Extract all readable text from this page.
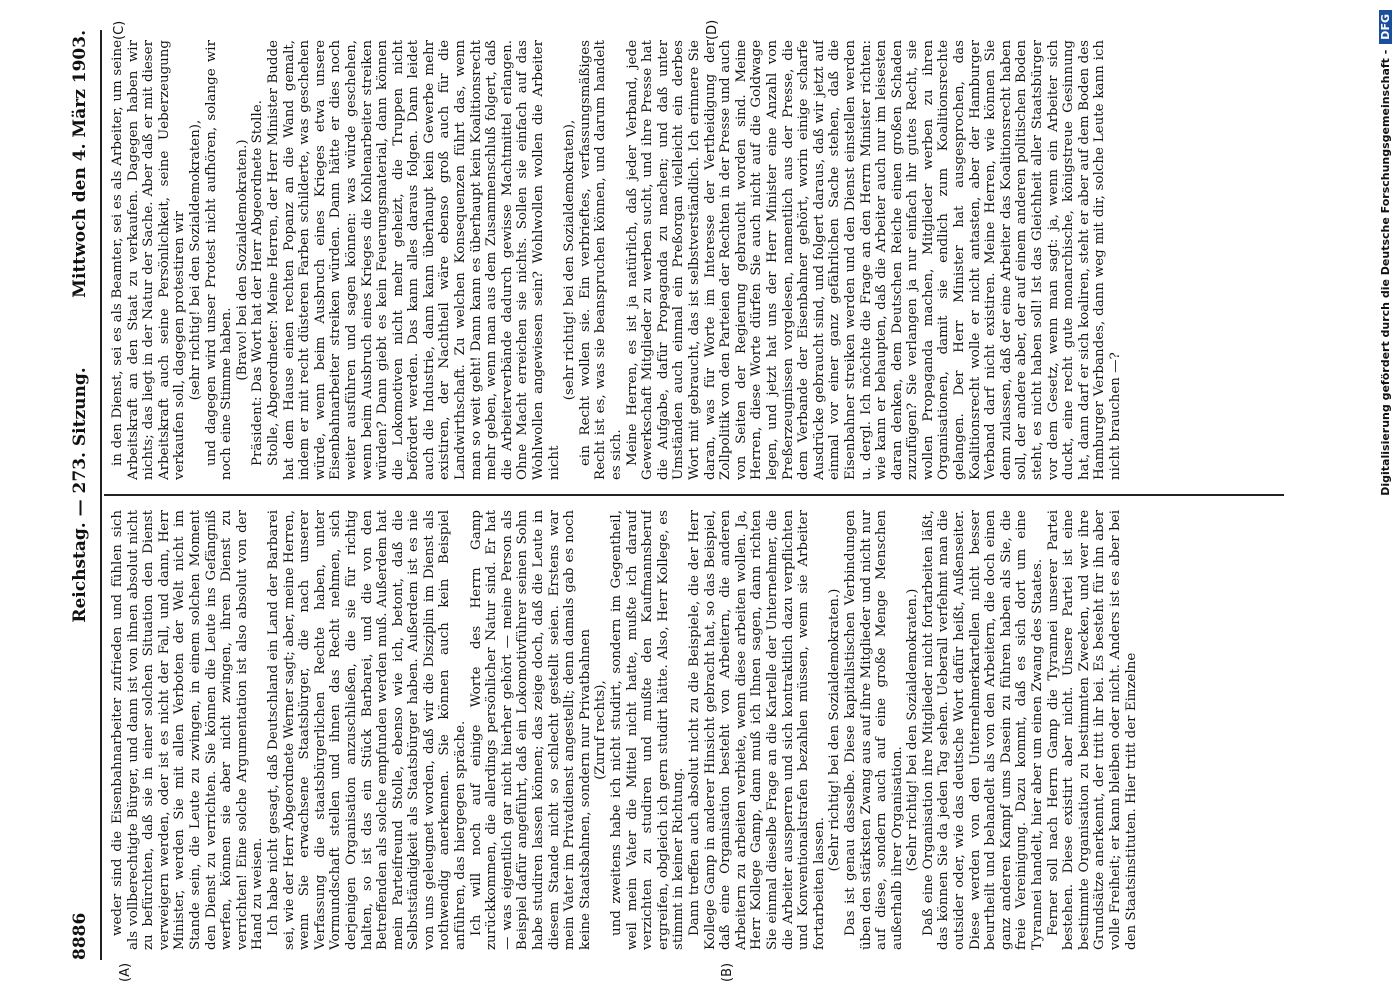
8886
Reichstag. — 273. Sitzung.
Mittwoch den 4. März 1903.
(A)	(B)
(C)	(D)

weder sind die Eisenbahnarbeiter zufrieden und fühlen sich als vollberechtigte Bürger, und dann ist von ihnen absolut nicht zu befürchten, daß sie in einer solchen Situation den Dienst verweigern werden, oder ist es nicht der Fall, und dann, Herr Minister, werden Sie mit allen Verboten der Welt nicht im Stande sein, die Leute zu zwingen, in einem solchen Moment den Dienst zu verrichten. Sie können die Leute ins Gefängniß werfen, können sie aber nicht zwingen, ihren Dienst zu verrichten! Eine solche Argumentation ist also absolut von der Hand zu weisen. Ich habe nicht gesagt, daß Deutschland ein Land der Barbarei sei, wie der Herr Abgeordnete Werner sagt; aber, meine Herren, wenn Sie erwachsene Staatsbürger, die nach unserer Verfassung die staatsbürgerlichen Rechte haben, unter Vormundschaft stellen und ihnen das Recht nehmen, sich derjenigen Organisation anzuschließen, die sie für richtig halten, so ist das ein Stück Barbarei, und die von den Betreffenden als solche empfunden werden muß. Außerdem hat mein Parteifreund Stolle, ebenso wie ich, betont, daß die Selbstständigkeit als Staatsbürger haben. Außerdem ist es nie von uns geleugnet worden, daß wir die Disziplin im Dienst als nothwendig anerkennen. Sie können auch kein Beispiel anführen, das hiergegen spräche. Ich will noch auf einige Worte des Herrn Gamp zurückkommen, die allerdings persönlicher Natur sind. Er hat — was eigentlich gar nicht hierher gehört — meine Person als Beispiel dafür angeführt, daß ein Lokomotivführer seinen Sohn habe studiren lassen können; das zeige doch, daß die Leute in diesem Stande nicht so schlecht gestellt seien. Erstens war mein Vater im Privatdienst angestellt; denn damals gab es noch keine Staatsbahnen, sondern nur Privatbahnen (Zuruf rechts), und zweitens habe ich nicht studirt, sondern im Gegentheil, weil mein Vater die Mittel nicht hatte, mußte ich darauf verzichten zu studiren und mußte den Kaufmannsberuf ergreifen, obgleich ich gern studirt hätte. Also, Herr Kollege, es stimmt in keiner Richtung. Dann treffen auch absolut nicht zu die Beispiele, die der Herr Kollege Gamp in anderer Hinsicht gebracht hat, so das Beispiel, daß eine Organisation besteht von Arbeitern, die anderen Arbeitern zu arbeiten verbiete, wenn diese arbeiten wollen. Ja, Herr Kollege Gamp, dann muß ich Ihnen sagen, dann richten Sie einmal dieselbe Frage an die Kartelle der Unternehmer, die die Arbeiter aussperren und sich kontraktlich dazu verpflichten und Konventionalstrafen bezahlen müssen, wenn sie Arbeiter fortarbeiten lassen.

(Sehr richtig! bei den Sozialdemokraten.) Das ist genau dasselbe. Diese kapitalistischen Verbindungen üben den stärksten Zwang aus auf ihre Mitglieder und nicht nur auf diese, sondern auch auf eine große Menge Menschen außerhalb ihrer Organisation. (Sehr richtig! bei den Sozialdemokraten.) Daß eine Organisation ihre Mitglieder nicht fortarbeiten läßt, das können Sie da jeden Tag sehen. Ueberall verfehmt man die outsider oder, wie das deutsche Wort dafür heißt, Außenseiter. Diese werden von den Unternehmerkartellen nicht besser beurtheilt und behandelt als von den Arbeitern, die doch einen ganz anderen Kampf ums Dasein zu führen haben als Sie, die freie Vereinigung. Dazu kommt, daß es sich dort um eine Tyrannei handelt, hier aber um einen Zwang des Staates. Ferner soll nach Herrn Gamp die Tyrannei unserer Partei bestehen. Diese existirt aber nicht. Unsere Partei ist eine bestimmte Organisation zu bestimmten Zwecken, und wer ihre Grundsätze anerkennt, der tritt ihr bei. Es besteht für ihn aber volle Freiheit; er kann bleiben oder nicht. Anders ist es aber bei den Staatsinstituten. Hier tritt der Einzelne

in den Dienst, sei es als Beamter, sei es als Arbeiter, um seine Arbeitskraft an den Staat zu verkaufen. Dagegen haben wir nichts; das liegt in der Natur der Sache. Aber daß er mit dieser Arbeitskraft auch seine Persönlichkeit, seine Ueberzeugung verkaufen soll, dagegen protestiren wir (sehr richtig! bei den Sozialdemokraten), und dagegen wird unser Protest nicht aufhören, solange wir noch eine Stimme haben.

(Bravo! bei den Sozialdemokraten.) Präsident: Das Wort hat der Herr Abgeordnete Stolle. Stolle, Abgeordneter: Meine Herren, der Herr Minister Budde hat dem Hause einen rechten Popanz an die Wand gemalt, indem er mit recht düsteren Farben schilderte, was geschehen würde, wenn beim Ausbruch eines Krieges etwa unsere Eisenbahnarbeiter streiken würden. Dann hätte er dies noch weiter ausführen und sagen können: was würde geschehen, wenn beim Ausbruch eines Krieges die Kohlenarbeiter streiken würden? Dann giebt es kein Feuerungsmaterial, dann können die Lokomotiven nicht mehr geheizt, die Truppen nicht befördert werden. Das kann alles daraus folgen. Dann leidet auch die Industrie, dann kann überhaupt kein Gewerbe mehr existiren, der Nachtheil wäre ebenso groß auch für die Landwirthschaft. Zu welchen Konsequenzen führt das, wenn man so weit geht! Dann kann es überhaupt kein Koalitionsrecht mehr geben, wenn man aus dem Zusammenschluß folgert, daß die Arbeiterverbände dadurch gewisse Machtmittel erlangen. Ohne Macht erreichen sie nichts. Sollen sie einfach auf das Wohlwollen angewiesen sein? Wohlwollen wollen die Arbeiter nicht

(sehr richtig! bei den Sozialdemokraten), ein Recht wollen sie. Ein verbrieftes, verfassungsmäßiges Recht ist es, was sie beanspruchen können, und darum handelt es sich. Meine Herren, es ist ja natürlich, daß jeder Verband, jede Gewerkschaft Mitglieder zu werben sucht, und ihre Presse hat die Aufgabe, dafür Propaganda zu machen; und daß unter Umständen auch einmal ein Preßorgan vielleicht ein derbes Wort mit gebraucht, das ist selbstverständlich. Ich erinnere Sie daran, was für Worte im Interesse der Vertheidigung der Zollpolitik von den Parteien der Rechten in der Presse und auch von Seiten der Regierung gebraucht worden sind. Meine Herren, diese Worte dürfen Sie auch nicht auf die Goldwage legen, und jetzt hat uns der Herr Minister eine Anzahl von Preßerzeugnissen vorgelesen, namentlich aus der Presse, die dem Verbande der Eisenbahner gehört, worin einige scharfe Ausdrücke gebraucht sind, und folgert daraus, daß wir jetzt auf einmal vor einer ganz gefährlichen Sache stehen, daß die Eisenbahner streiken werden und den Dienst einstellen werden u. dergl. Ich möchte die Frage an den Herrn Minister richten: wie kann er behaupten, daß die Arbeiter auch nur im leisesten daran denken, dem Deutschen Reiche einen großen Schaden zuzufügen? Sie verlangen ja nur einfach ihr gutes Recht, sie wollen Propaganda machen, Mitglieder werben zu ihren Organisationen, damit sie endlich zum Koalitionsrechte gelangen. Der Herr Minister hat ausgesprochen, das Koalitionsrecht wolle er nicht antasten, aber der Hamburger Verband darf nicht existiren. Meine Herren, wie können Sie denn zulassen, daß der eine Arbeiter das Koalitionsrecht haben soll, der andere aber, der auf einem anderen politischen Boden steht, es nicht haben soll! Ist das Gleichheit aller Staatsbürger vor dem Gesetz, wenn man sagt: ja, wenn ein Arbeiter sich duckt, eine recht gute monarchische, königstreue Gesinnung hat, dann darf er sich koaliren, steht er aber auf dem Boden des Hamburger Verbandes, dann weg mit dir, solche Leute kann ich nicht brauchen —?	Digitalisierung gefördert durch die Deutsche Forschungsgemeinschaft -
DFG
